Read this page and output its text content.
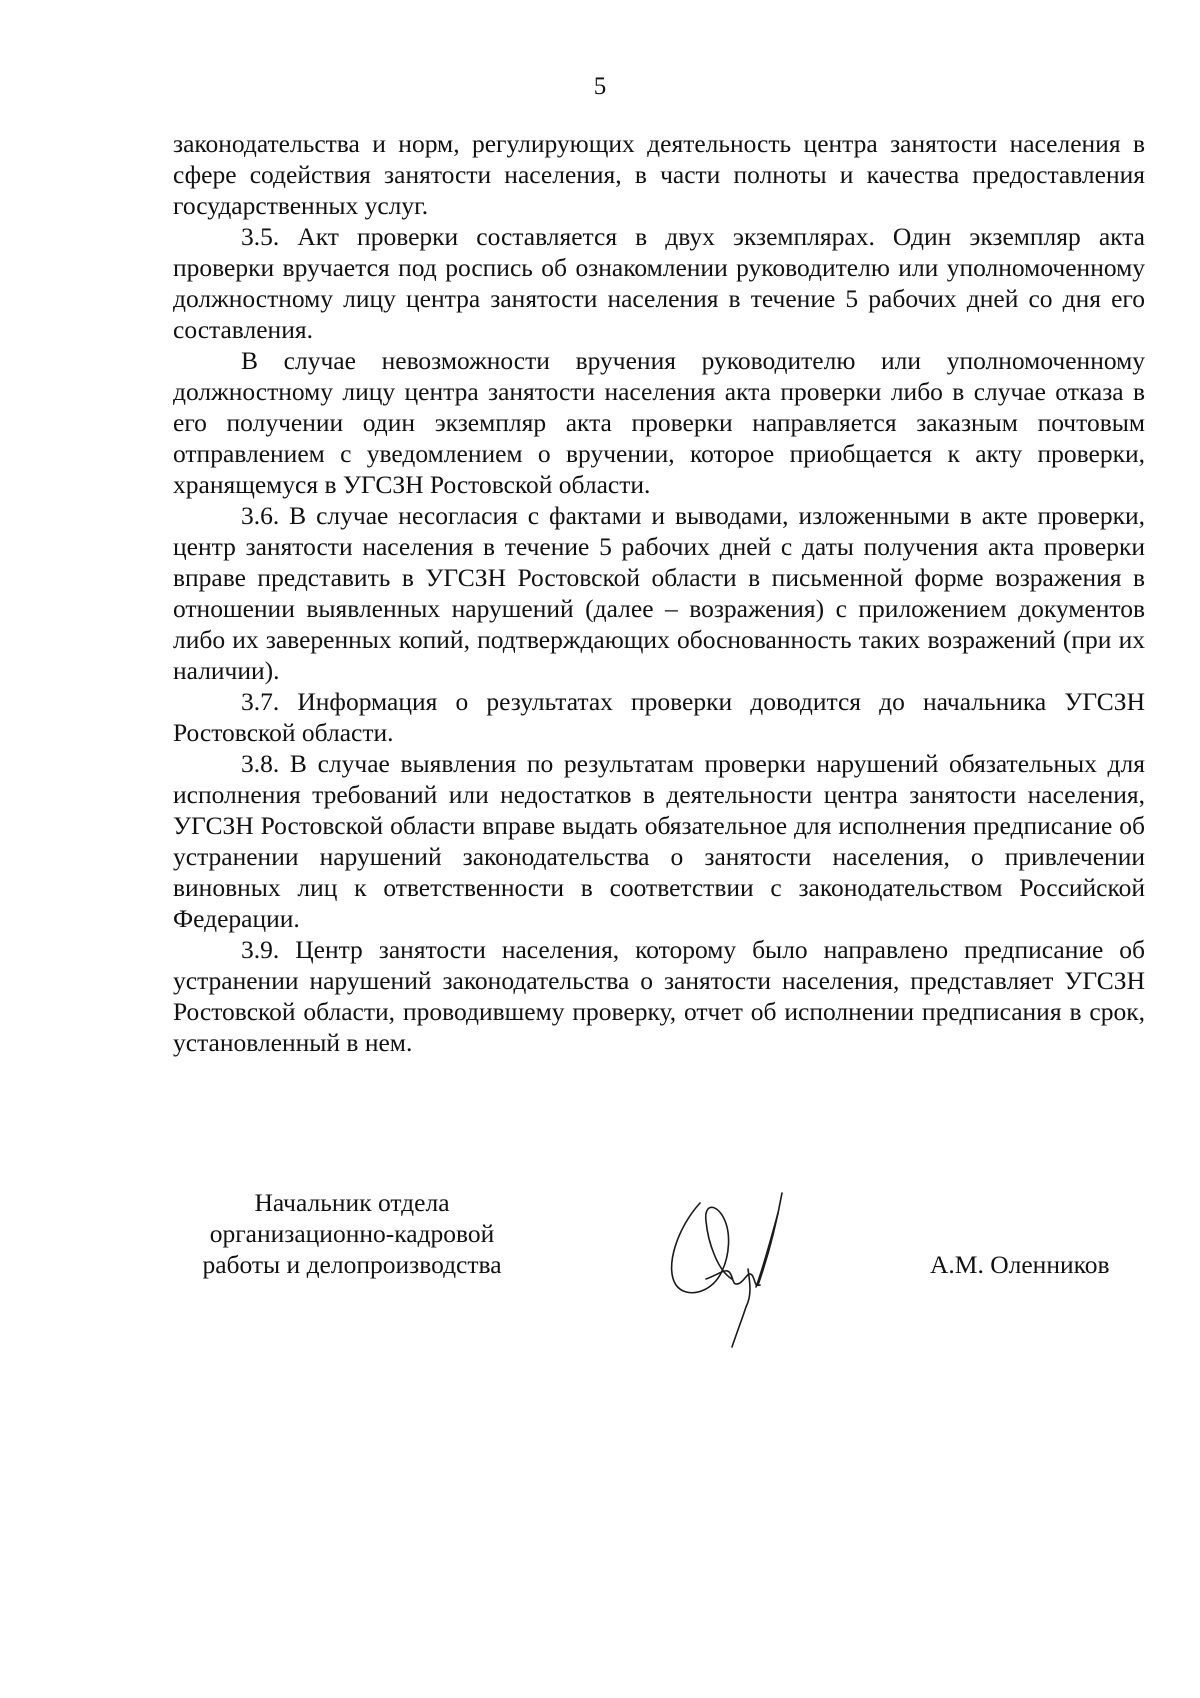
5

законодательства и норм, регулирующих деятельность центра занятости населения в сфере содействия занятости населения, в части полноты и качества предоставления государственных услуг.

3.5. Акт проверки составляется в двух экземплярах. Один экземпляр акта проверки вручается под роспись об ознакомлении руководителю или уполномоченному должностному лицу центра занятости населения в течение 5 рабочих дней со дня его составления.

В случае невозможности вручения руководителю или уполномоченному должностному лицу центра занятости населения акта проверки либо в случае отказа в его получении один экземпляр акта проверки направляется заказным почтовым отправлением с уведомлением о вручении, которое приобщается к акту проверки, хранящемуся в УГСЗН Ростовской области.

3.6. В случае несогласия с фактами и выводами, изложенными в акте проверки, центр занятости населения в течение 5 рабочих дней с даты получения акта проверки вправе представить в УГСЗН Ростовской области в письменной форме возражения в отношении выявленных нарушений (далее – возражения) с приложением документов либо их заверенных копий, подтверждающих обоснованность таких возражений (при их наличии).

3.7. Информация о результатах проверки доводится до начальника УГСЗН Ростовской области.

3.8. В случае выявления по результатам проверки нарушений обязательных для исполнения требований или недостатков в деятельности центра занятости населения, УГСЗН Ростовской области вправе выдать обязательное для исполнения предписание об устранении нарушений законодательства о занятости населения, о привлечении виновных лиц к ответственности в соответствии с законодательством Российской Федерации.

3.9. Центр занятости населения, которому было направлено предписание об устранении нарушений законодательства о занятости населения, представляет УГСЗН Ростовской области, проводившему проверку, отчет об исполнении предписания в срок, установленный в нем.

Начальник отдела
организационно-кадровой
работы и делопроизводства	А.М. Оленников
